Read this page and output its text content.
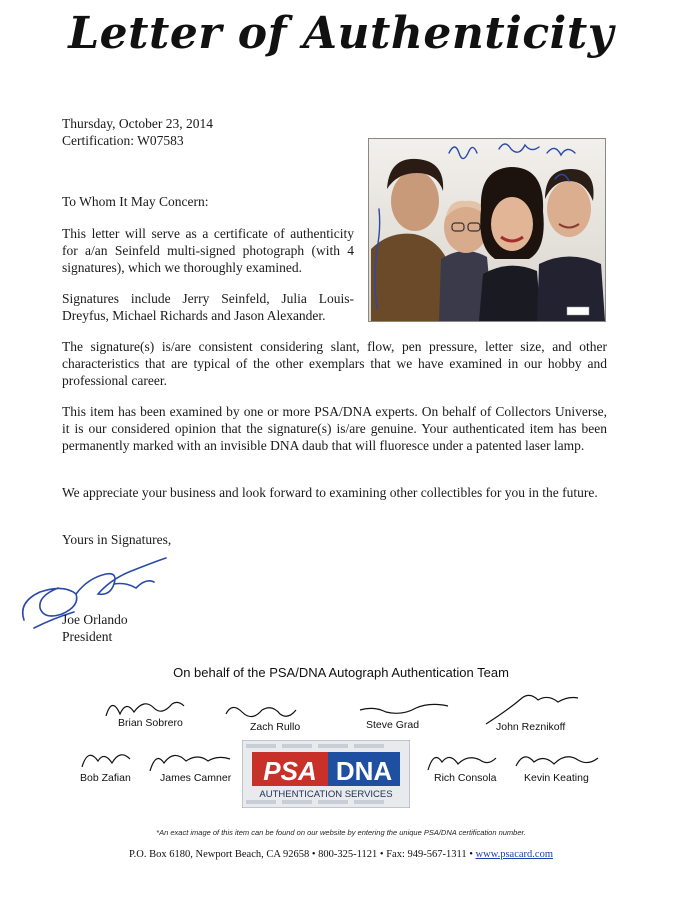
Letter of Authenticity
Thursday, October 23, 2014
Certification: W07583
To Whom It May Concern:
This letter will serve as a certificate of authenticity for a/an Seinfeld multi-signed photograph (with 4 signatures), which we thoroughly examined.
Signatures include Jerry Seinfeld, Julia Louis-Dreyfus, Michael Richards and Jason Alexander.
The signature(s) is/are consistent considering slant, flow, pen pressure, letter size, and other characteristics that are typical of the other exemplars that we have examined in our hobby and professional career.
This item has been examined by one or more PSA/DNA experts. On behalf of Collectors Universe, it is our considered opinion that the signature(s) is/are genuine. Your authenticated item has been permanently marked with an invisible DNA daub that will fluoresce under a patented laser lamp.
We appreciate your business and look forward to examining other collectibles for you in the future.
Yours in Signatures,
Joe Orlando
President
On behalf of the PSA/DNA Autograph Authentication Team
Brian Sobrero	Zach Rullo	Steve Grad	John Reznikoff
Bob Zafian	James Camner	Rich Consola	Kevin Keating
PSA DNA
AUTHENTICATION SERVICES
*An exact image of this item can be found on our website by entering the unique PSA/DNA certification number.
P.O. Box 6180, Newport Beach, CA 92658 • 800-325-1121 • Fax: 949-567-1311 • www.psacard.com
